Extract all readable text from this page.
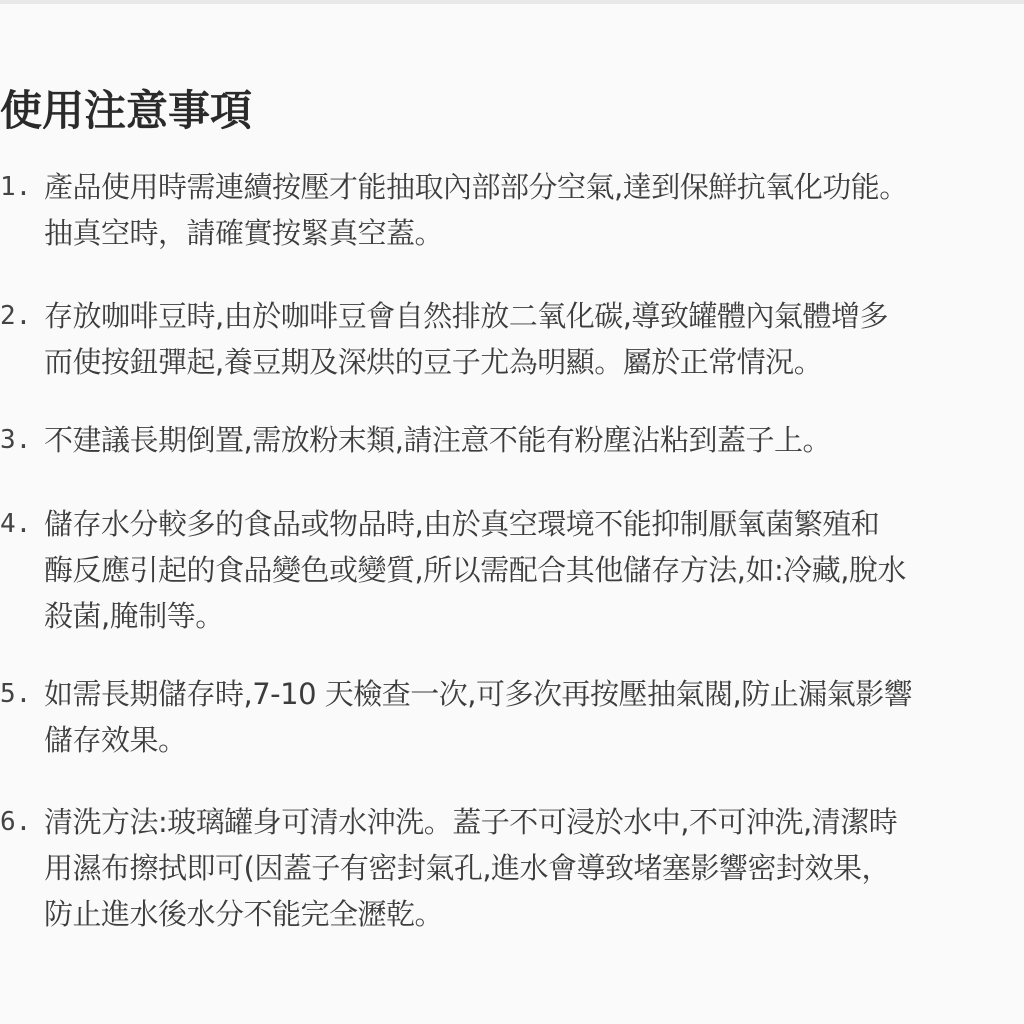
使用注意事項
1. 產品使用時需連續按壓才能抽取內部部分空氣,達到保鮮抗氧化功能。
抽真空時，請確實按緊真空蓋。
2. 存放咖啡豆時,由於咖啡豆會自然排放二氧化碳,導致罐體內氣體增多
而使按鈕彈起,養豆期及深烘的豆子尤為明顯。屬於正常情況。
3. 不建議長期倒置,需放粉末類,請注意不能有粉塵沾粘到蓋子上。
4. 儲存水分較多的食品或物品時,由於真空環境不能抑制厭氧菌繁殖和
酶反應引起的食品變色或變質,所以需配合其他儲存方法,如:冷藏,脫水
殺菌,腌制等。
5. 如需長期儲存時,7-10 天檢查一次,可多次再按壓抽氣閥,防止漏氣影響
儲存效果。
6. 清洗方法:玻璃罐身可清水沖洗。蓋子不可浸於水中,不可沖洗,清潔時
用濕布擦拭即可(因蓋子有密封氣孔,進水會導致堵塞影響密封效果，
防止進水後水分不能完全瀝乾。
